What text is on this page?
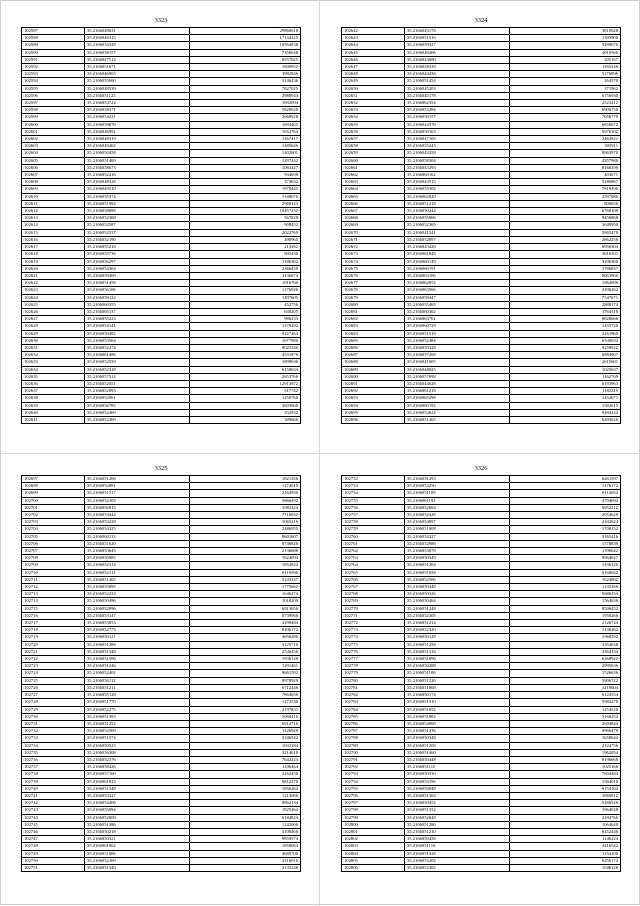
3323
102587	35.2166048631	29860618
102588	35.2166046315	17134325
102589	35.2166034328	10564838
102590	35.2166058157	7356048
102591	35.2166047513	8557025
102592	35.2166051671	1600952
102593	35.2166046065	3982846
102594	35.2166055660	3146436
102595	35.2166048539	7627025
102596	35.2166051125	2988944
102597	35.2166053722	1692094
102598	35.2166058371	5820028
102599	35.2166054231	2660928
102600	35.2166059870	1693465
102601	35.2166046991	1652764
102602	35.2166048319	1267417
102603	35.2166049462	1485646
102604	35.2166050458	1402601
102605	35.2166051469	1297442
102606	35.2166058673	1063227
102607	35.2166052416	934698
102608	35.2166048328	374632
102609	35.2166049510	1970445
102610	35.2166055374	1348076
102611	35.2166051994	2968123
102612	35.2166058098	10457232
102613	35.2166052368	567828
102614	35.2166052587	908452
102615	35.2166052537	2022769
102616	35.2166052190	490965
102617	35.2166055218	213262
102618	35.2166055736	805436
102619	35.2166056297	1186362
102620	35.2166054304	2366459
102621	35.2166059469	1136674
102622	35.2166051458	1916760
102623	35.2166056106	1376926
102624	35.2166059122	1497605
102625	35.2166060355	452756
102626	35.2166065137	640205
102627	35.2166055223	986233
102628	35.2166054141	1379292
102629	35.2166050482	8227264
102630	35.2166053564	1077980
102631	35.2166052274	8025340
102632	35.2166061486	4531876
102633	35.2166052559	1899636
102634	35.2166052318	6150634
102635	35.2166057514	2653766
102636	35.2166052051	12913872
102637	35.2166052093	317742
102638	35.2166052061	1250766
102639	35.2166056785	3603668
102640	35.2166052469	332932
102641	35.2166052469	389666
3324
102642	35.2166043178	3815628
102643	35.2166051516	1395906
102644	35.2166059327	5289076
102645	35.2166049406	4010566
102646	35.2166043680	295167
102647	35.2166058339	1165246
102648	35.2166044436	5276896
102649	35.2166051454	264570
102650	35.2166045203	371962
102651	35.2166045178	6756930
102652	35.2166062354	2523412
102653	35.2166053284	6906756
102654	35.2166050157	7056779
102655	35.2166044370	6856072
102656	35.2166050163	5976302
102657	35.2166047165	2462821
102658	35.2166055245	305911
102659	35.2166043358	8863970
102660	35.2166058304	4357986
102661	35.2166043293	8160296
102662	35.2166060162	403671
102663	35.2166043515	5286867
102664	35.2166053302	7819496
102665	35.2166062020	2597086
102666	35.2166051418	806656
102667	35.2166050244	6760108
102668	35.2166055066	9456868
102669	35.2166052365	3649950
102670	35.2166041241	5865478
102671	35.2166052897	2862256
102672	35.2166043428	6956304
102673	35.2166061848	3616301
102674	35.2166060149	3296366
102675	35.2166060191	1786837
102676	35.2166063106	8063960
102677	35.2166062052	1962696
102678	35.2166063566	2206262
102679	35.2166059447	7547671
102680	35.2166055465	2888174
102681	35.2166060362	1764318
102682	35.2166063701	8828666
102683	35.2166060729	1455726
102684	35.2166051519	2261960
102685	35.2166052484	6538634
102686	35.2166050328	9258922
102687	35.2166057268	6884967
102688	35.2166041605	2615601
102689	35.2166048025	1025637
102690	35.2166057698	1162769
102691	35.2166044628	6183963
102692	35.2166061218	1182219
102693	35.2166065298	1452671
102694	35.2166060192	1582615
102695	35.2166052622	8484224
102696	35.2166051465	6493026
3325
102697	35.2166051266	1821356
102698	35.2166052881	1274619
102699	35.2166051517	2164930
102700	35.2166052103	5866492
102701	35.2166056815	1082424
102702	35.2166053444	7716632
102703	35.2166053228	1065216
102704	35.2166054325	2486955
102705	35.2166060113	8601607
102706	35.2166051620	8746826
102707	35.2166053645	2136688
102708	35.2166050985	1824094
102709	35.2166052314	1852824
102710	35.2166052112	8119596
102711	35.2166051405	5243147
102712	35.2166055095	1775662
102713	35.2166052233	1646274
102714	35.2166050496	1018209
102715	35.2166052096	6913656
102716	35.2166053147	8739966
102717	35.2166053053	3299484
102718	35.2166052773	8496172
102719	35.2166050121	4656286
102720	35.2166051288	3125710
102721	35.2166051348	2546456
102722	35.2166051596	1936128
102723	35.2166051246	1291461
102724	35.2166052402	9661592
102725	35.2166056112	8978929
102726	35.2166051211	6712446
102727	35.2166055128	7864650
102728	35.2166051770	1272536
102729	35.2166052275	4197831
102730	35.2166051393	1060416
102731	35.2166051252	6914716
102732	35.2166052569	1126928
102733	35.2166051574	3346542
102734	35.2166050523	1032184
102735	35.2166056308	3214618
102736	35.2166052376	7642224
102737	35.2166058426	1106464
102738	35.2166057160	2262456
102739	35.2166061023	9812276
102740	35.2166051548	1856264
102741	35.2166053327	1213066
102742	35.2166054406	8862134
102743	35.2166055094	1825264
102744	35.2166052009	6184824
102745	35.2166051386	1242066
102746	35.2166050218	3108466
102747	35.2166050321	9859574
102748	35.2166061062	1858064
102749	35.2166051006	4689706
102750	35.2166052169	3316016
102751	35.2166051340	3135248
3326
102752	35.2166051293	6261597
102753	35.2166053250	1476172
102754	35.2166051189	8114654
102755	35.2166061192	4704694
102756	35.2166052664	6952212
102757	35.2166052426	2054628
102758	35.2166054897	2342624
102759	35.2166051908	1708152
102760	35.2166054327	3165416
102761	35.2166052986	1578839
102762	35.2166053078	1706642
102763	35.2166050349	8964627
102764	35.2166051204	1436326
102765	35.2166051058	6160042
102766	35.2166052506	1624862
102767	35.2166050348	1235266
102768	35.2166050326	5686254
102769	35.2166050464	1564636
102770	35.2166051248	8506452
102771	35.2166052305	1958266
102772	35.2166051214	2126744
102773	35.2166052320	1436262
102774	35.2166050128	1568292
102775	35.2166051258	3354638
102776	35.2166051316	4364154
102777	35.2166051096	6268922
102778	35.2166050288	2995636
102779	35.2166051106	1526636
102780	35.2166051226	5906722
102781	35.2166051068	1219604
102782	35.2166050174	6124554
102783	35.2166051310	5984278
102784	35.2166051052	1254526
102785	35.2166051082	3166254
102786	35.2166054068	2694844
102787	35.2166051236	9966478
102788	35.2166050348	1658644
102789	35.2166051208	2124756
102790	35.2166051360	1962054
102791	35.2166050448	8196668
102792	35.2166051110	1025166
102793	35.2166050330	7604484
102794	35.2166053196	1564016
102795	35.2166050048	6154164
102796	35.2166051304	1660812
102797	35.2166050452	5266526
102798	35.2166051332	1964028
102799	35.2166052048	2184766
102800	35.2166051286	1064648
102801	35.2166051210	8452446
102802	35.2166050458	1146224
102803	35.2166051116	4216542
102804	35.2166051328	1154206
102805	35.2166053202	6256174
102806	35.2166052402	1046128
